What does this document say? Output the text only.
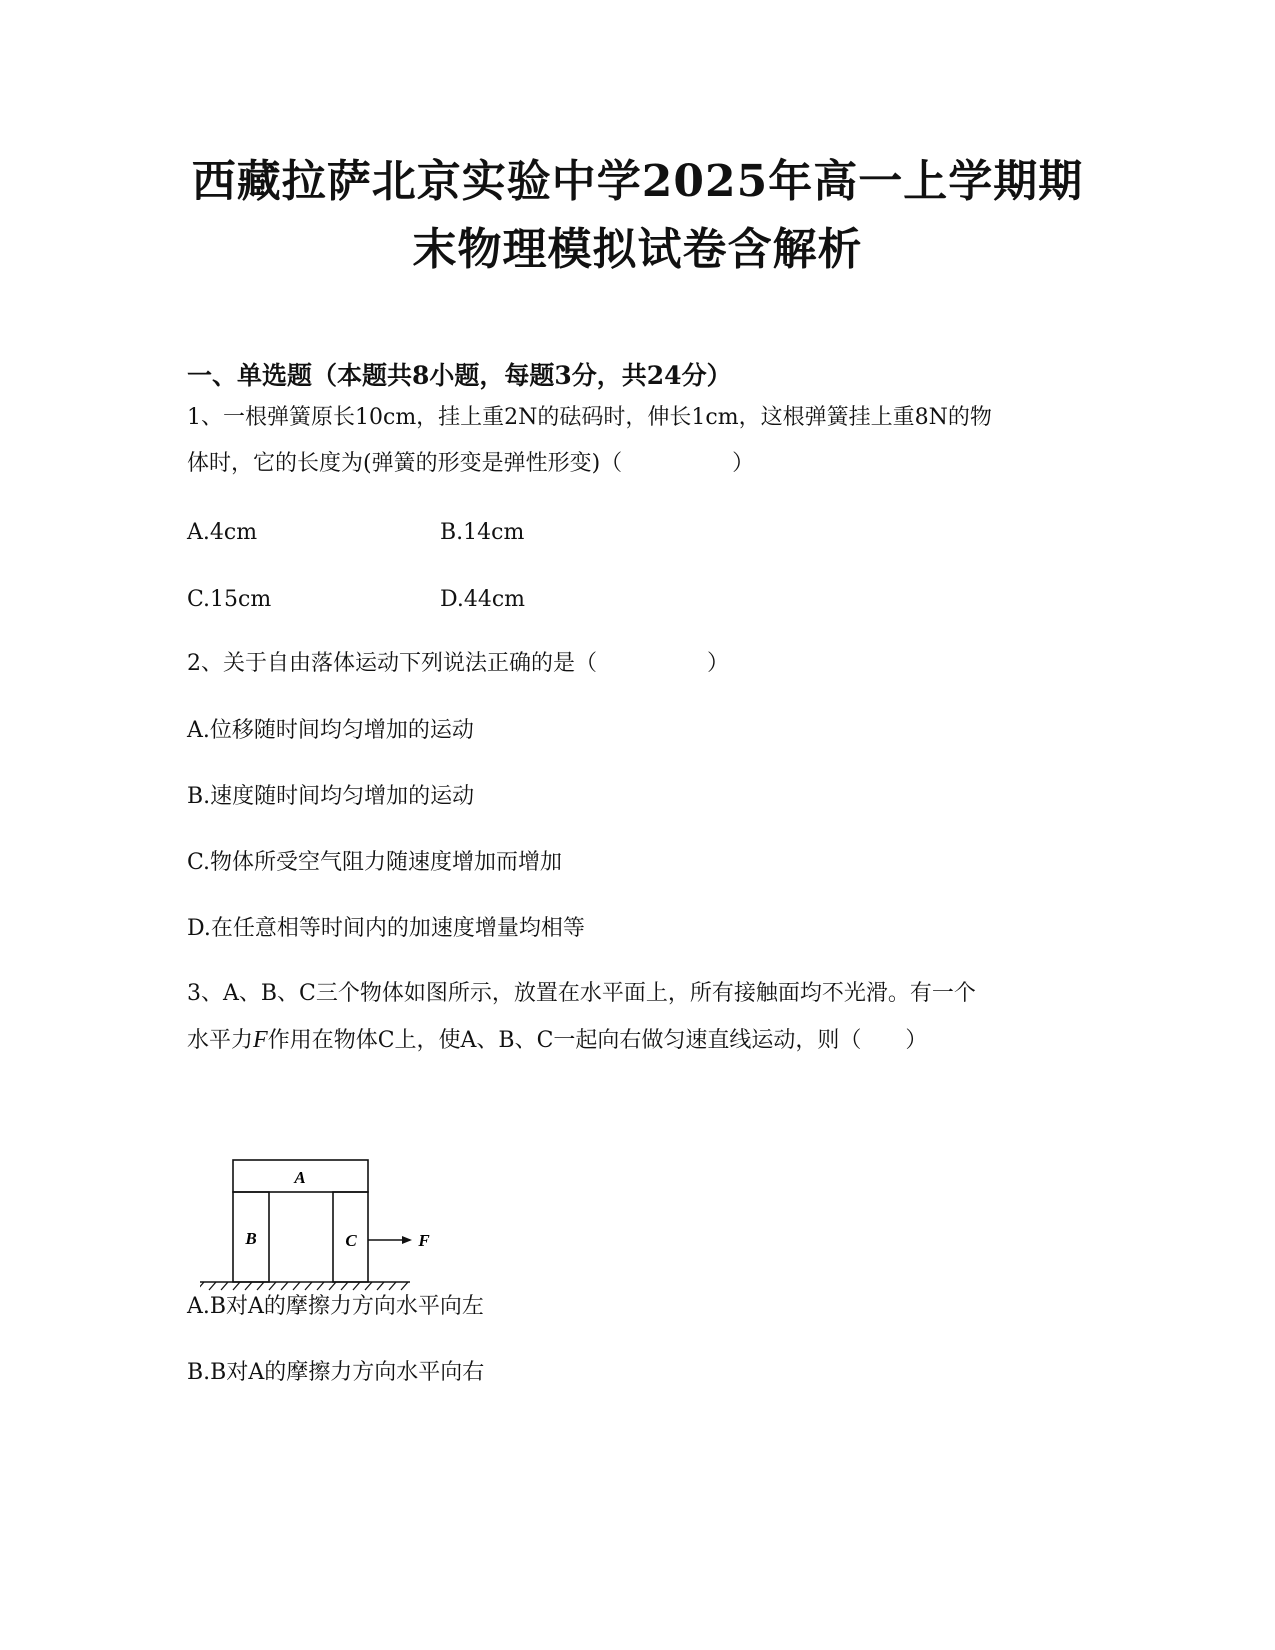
西藏拉萨北京实验中学2025年高一上学期期
末物理模拟试卷含解析
一、单选题（本题共8小题，每题3分，共24分）
1、一根弹簧原长10cm，挂上重2N的砝码时，伸长1cm，这根弹簧挂上重8N的物
体时，它的长度为(弹簧的形变是弹性形变)（　　　　　）
A.4cm	B.14cm
C.15cm	D.44cm
2、关于自由落体运动下列说法正确的是（　　　　　）
A.位移随时间均匀增加的运动
B.速度随时间均匀增加的运动
C.物体所受空气阻力随速度增加而增加
D.在任意相等时间内的加速度增量均相等
3、A、B、C三个物体如图所示，放置在水平面上，所有接触面均不光滑。有一个
水平力F作用在物体C上，使A、B、C一起向右做匀速直线运动，则（　　）
A
B	C	F
A.B对A的摩擦力方向水平向左
B.B对A的摩擦力方向水平向右
